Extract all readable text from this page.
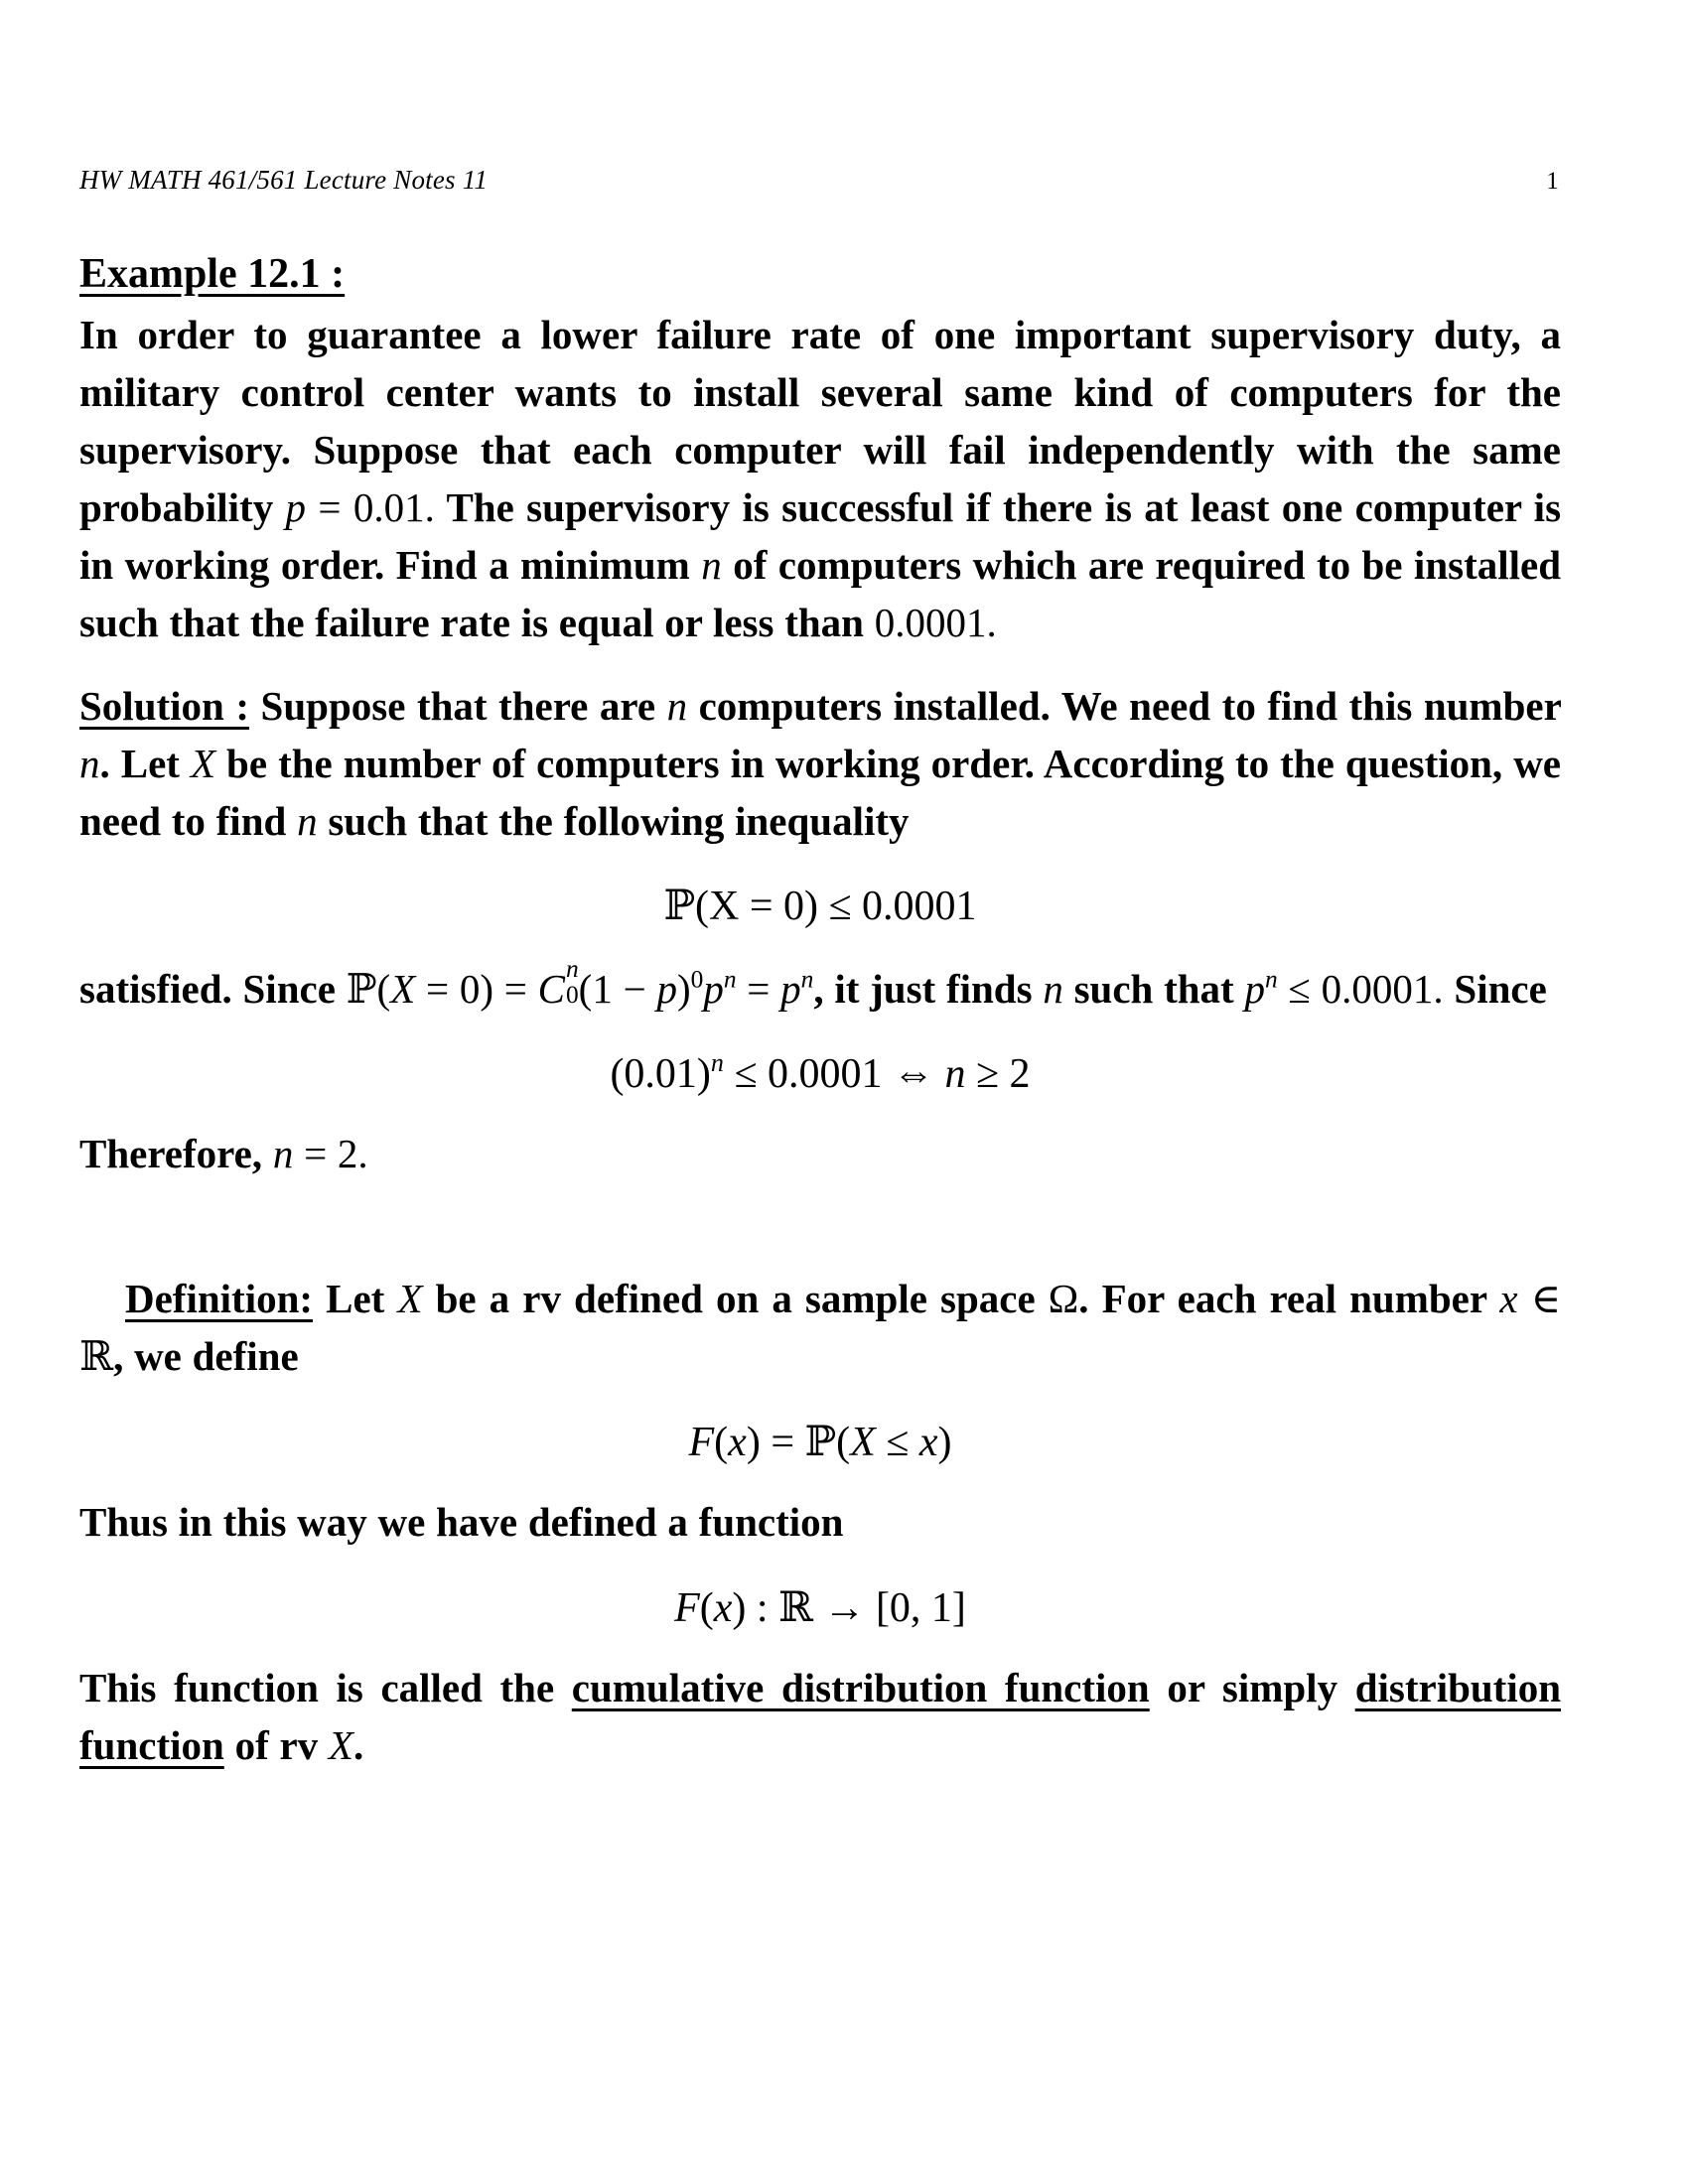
HW MATH 461/561 Lecture Notes 11	1
Example 12.1 :

In order to guarantee a lower failure rate of one important supervisory duty, a military control center wants to install several same kind of computers for the supervisory. Suppose that each computer will fail independently with the same probability p = 0.01. The supervisory is successful if there is at least one computer is in working order. Find a minimum n of computers which are required to be installed such that the failure rate is equal or less than 0.0001.

Solution : Suppose that there are n computers installed. We need to find this number n. Let X be the number of computers in working order. According to the question, we need to find n such that the following inequality

ℙ(X = 0) ≤ 0.0001

satisfied. Since ℙ(X = 0) = C n
0 $(1 - p)^0p^n = p^n$, it just finds n such that $p^n \le 0.0001$. Since

$(0.01)^n \le 0.0001$ ⇔ n ≥ 2

Therefore, n = 2.

Definition: Let X be a rv defined on a sample space Ω. For each real number x ∈ ℝ, we define

F(x) = ℙ(X ≤ x)

Thus in this way we have defined a function

F(x) : ℝ → [0, 1]

This function is called the cumulative distribution function or simply distribution function of rv X.
